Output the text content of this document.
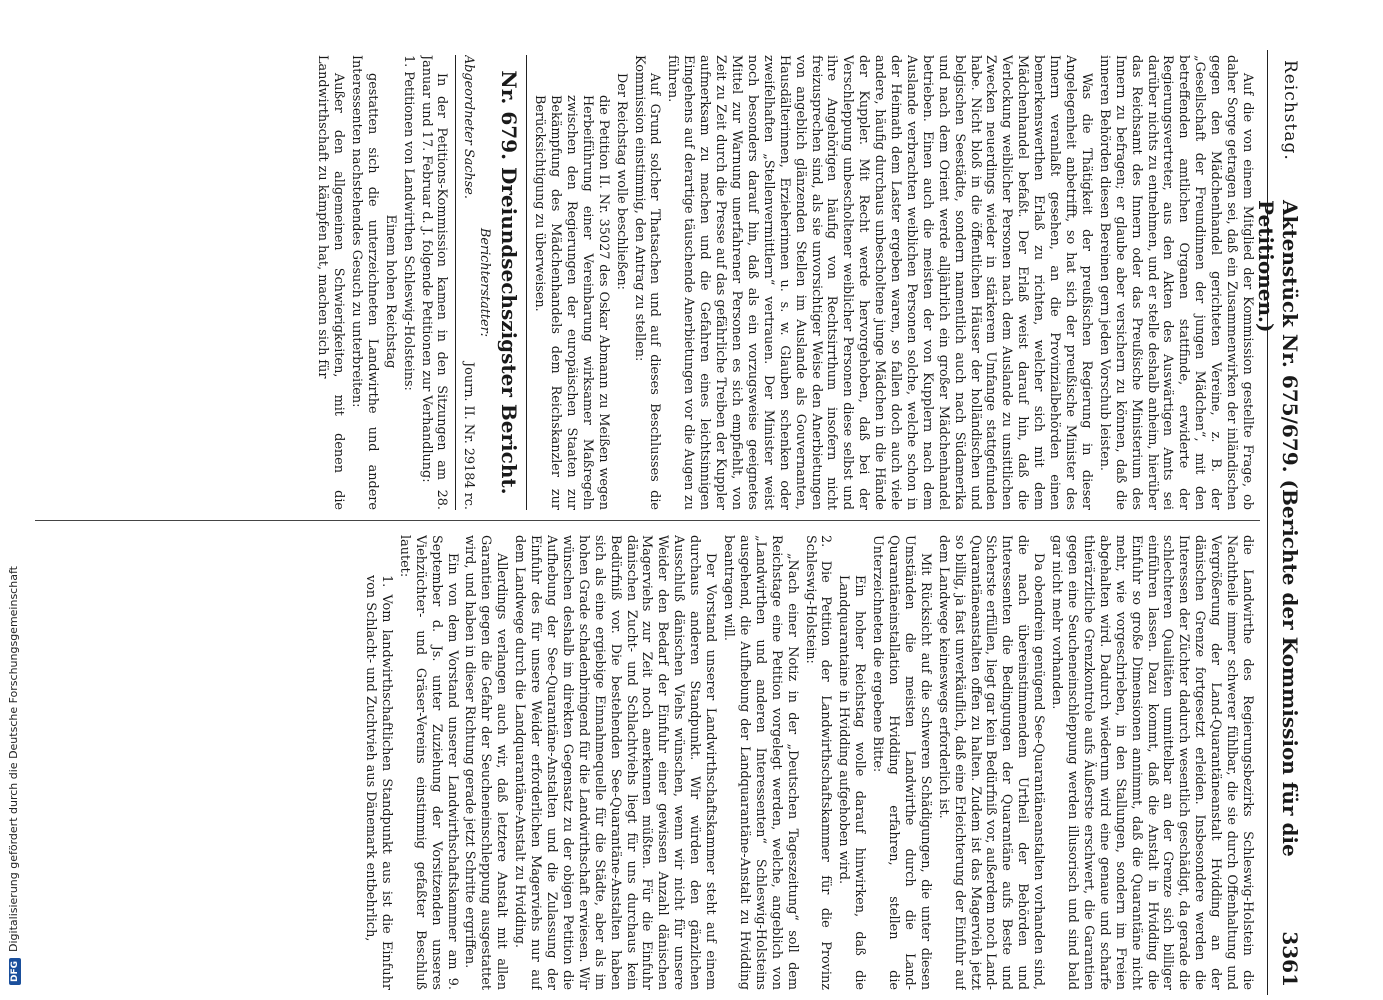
Reichstag.
Aktenstück Nr. 675/679. (Berichte der Kommission für die Petitionen.)
3361

Auf die von einem Mitglied der Kommission gestellte Frage, ob daher Sorge getragen sei, daß ein Zusammenwirken der inländischen gegen den Mädchenhandel gerichteten Vereine, z. B. der „Gesellschaft der Freundinnen der jungen Mädchen“, mit den betreffenden amtlichen Organen stattfinde, erwiderte der Regierungsvertreter, aus den Akten des Auswärtigen Amts sei darüber nichts zu entnehmen, und er stelle deshalb anheim, hierüber das Reichsamt des Innern oder das Preußische Ministerium des Innern zu befragen; er glaube aber versichern zu können, daß die inneren Behörden diesen Bereinen gern jeden Vorschub leisten.

Was die Thätigkeit der preußischen Regierung in dieser Angelegenheit anbetrifft, so hat sich der preußische Minister des Innern veranlaßt gesehen, an die Provinzialbehörden einen bemerkenswerthen Erlaß zu richten, welcher sich mit dem Mädchenhandel befaßt. Der Erlaß weist darauf hin, daß die Verlockung weiblicher Personen nach dem Auslande zu unsittlichen Zwecken neuerdings wieder in stärkerem Umfange stattgefunden habe. Nicht bloß in die öffentlichen Häuser der holländischen und belgischen Seestädte, sondern namentlich auch nach Südamerika und nach dem Orient werde alljährlich ein großer Mädchenhandel betrieben. Einen auch die meisten der von Kupplern nach dem Auslande verbrachten weiblichen Personen solche, welche schon in der Heimath dem Laster ergeben waren, so fallen doch auch viele andere, häufig durchaus unbescholtene junge Mädchen in die Hände der Kuppler. Mit Recht werde hervorgehoben, daß bei der Verschleppung unbescholtener weiblicher Personen diese selbst und ihre Angehörigen häufig von Rechtsirrthum insofern nicht freizusprechen sind, als sie unvorsichtiger Weise den Anerbietungen von angeblich glänzenden Stellen im Auslande als Gouvernanten, Hausdälterinnen, Erzieherinnen u. s. w. Glauben schenken oder zweifelhaften „Stellenvermittlern“ vertrauen. Der Minister weist noch besonders darauf hin, daß als ein vorzugsweise geeignetes Mittel zur Warnung unerfahrener Personen es sich empfiehlt, von Zeit zu Zeit durch die Presse auf das gefährliche Treiben der Kuppler aufmerksam zu machen und die Gefahren eines leichtsinnigen Eingehens auf derartige täuschende Anerbietungen vor die Augen zu führen.

Auf Grund solcher Thatsachen und auf dieses Beschlusses die Kommission einstimmig, den Antrag zu stellen:

Der Reichstag wolle beschließen:

die Petition II. Nr. 35027 des Oskar Abmann zu Meißen wegen Herbeiführung einer Vereinbarung wirksamer Maßregeln zwischen den Regierungen der europäischen Staaten zur Bekämpfung des Mädchenhandels dem Reichskanzler zur Berücksichtigung zu überweisen.

Nr. 679. Dreiundsechszigster Bericht.
Berichterstatter:
Abgeordneter Sachse.
Journ. II. Nr. 29184 rc.

In der Petitions-Kommission kamen in den Sitzungen am 28. Januar und 17. Februar d. J. folgende Petitionen zur Verhandlung:

1. Petitionen von Landwirthen Schleswig-Holsteins:

Einem hohen Reichstag

gestatten sich die unterzeichneten Landwirthe und andere Interessenten nachstehendes Gesuch zu unterbreiten:

Außer den allgemeinen Schwierigkeiten, mit denen die Landwirthschaft zu kämpfen hat, machen sich für

die Landwirthe des Regierungsbezirks Schleswig-Holstein die Nachtheile immer schwerer fühlbar, die sie durch Offenhaltung und Vergrößerung der Land-Quarantäneanstalt Hvidding an der dänischen Grenze fortgesetzt erleiden. Insbesondere werden die Interessen der Züchter dadurch wesentlich geschädigt, da gerade die schlechteren Qualitäten unmittelbar an der Grenze sich billiger einführen lassen. Dazu kommt, daß die Anstalt in Hvidding die Einfuhr so große Dimensionen annimmt, daß die Quarantäne nicht mehr, wie vorgeschrieben, in den Stallungen, sondern im Freien abgehalten wird. Dadurch wiederum wird eine genaue und scharfe thierärztliche Grenzkontrole aufs Äußerste erschwert, die Garantien gegen eine Seucheneinschleppung werden illusorisch und sind bald gar nicht mehr vorhanden.

Da obendrein genügend See-Quarantäneanstalten vorhanden sind, die nach übereinstimmendem Urtheil der Behörden und Interessenten die Bedingungen der Quarantäne aufs Beste und Sicherste erfüllen, liegt gar kein Bedürfniß vor, außerdem noch Land-Quarantäneanstalten offen zu halten. Zudem ist das Magervieh jetzt so billig, ja fast unverkäuflich, daß eine Erleichterung der Einfuhr auf dem Landwege keineswegs erforderlich ist.

Mit Rücksicht auf die schweren Schädigungen, die unter diesen Umständen die meisten Landwirthe durch die Land-Quarantäneinstallation Hvidding erfahren, stellen die Unterzeichneten die ergebene Bitte:

Ein hoher Reichstag wolle darauf hinwirken, daß die Landquarantaine in Hvidding aufgehoben wird.

2. Die Petition der Landwirthschaftskammer für die Provinz Schleswig-Holstein:

„Nach einer Notiz in der „Deutschen Tageszeitung“ soll dem Reichstage eine Petition vorgelegt werden, welche, angeblich von „Landwirthen und anderen Interessenten“ Schleswig-Holsteins ausgehend, die Aufhebung der Landquarantäne-Anstalt zu Hvidding beantragen will.

Der Vorstand unserer Landwirthschaftskammer steht auf einem durchaus anderen Standpunkt. Wir würden den gänzlichen Ausschluß dänischen Viehs wünschen, wenn wir nicht für unsere Weider den Bedarf der Einfuhr einer gewissen Anzahl dänischen Magerviehs zur Zeit noch anerkennen müßten. Für die Einfuhr dänischen Zucht- und Schlachtviehs liegt für uns durchaus kein Bedürfniß vor. Die bestehenden See-Quarantäne-Anstalten haben sich als eine ergiebige Einnahmequelle für die Städte, aber als im hohen Grade schadenbringend für die Landwirthschaft erwiesen. Wir wünschen deshalb im direkten Gegensatz zu der obigen Petition die Aufhebung der See-Quarantäne-Anstalten und die Zulassung der Einfuhr des für unsere Weider erforderlichen Magerviehs nur auf dem Landwege durch die Landquarantäne-Anstalt zu Hvidding.

Allerdings verlangen auch wir, daß letztere Anstalt mit allen Garantien gegen die Gefahr der Seucheneinschleppung ausgestattet wird, und haben in dieser Richtung gerade jetzt Schritte ergriffen.

Ein von dem Vorstand unserer Landwirthschaftskammer am 9. September d. Js. unter Zuziehung der Vorsitzenden unseres Viehzüchter- und Gräser-Vereins einstimmig gefaßter Beschluß lautet:

1. Vom landwirthschaftlichen Standpunkt aus ist die Einfuhr von Schlacht- und Zuchtvieh aus Dänemark entbehrlich,

DFGDigitalisierung gefördert durch die Deutsche Forschungsgemeinschaft
